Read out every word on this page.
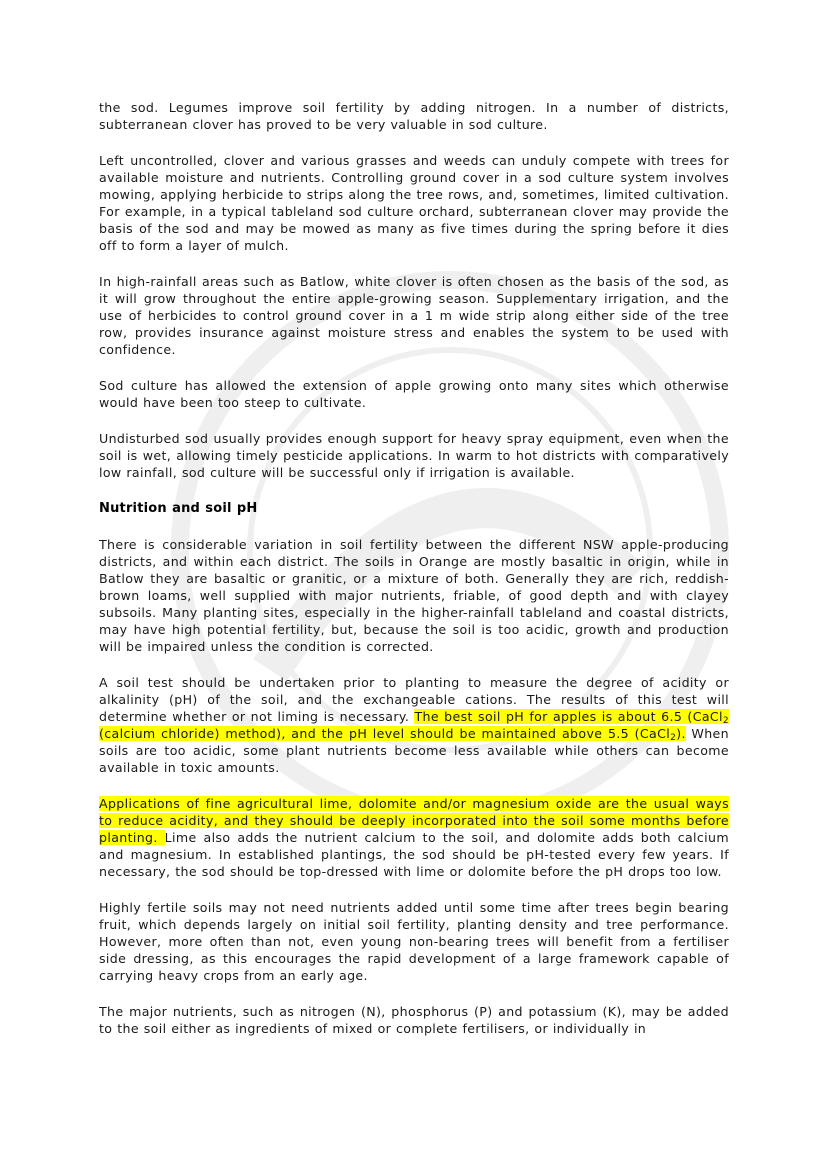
the sod. Legumes improve soil fertility by adding nitrogen. In a number of districts, subterranean clover has proved to be very valuable in sod culture.

Left uncontrolled, clover and various grasses and weeds can unduly compete with trees for available moisture and nutrients. Controlling ground cover in a sod culture system involves mowing, applying herbicide to strips along the tree rows, and, sometimes, limited cultivation. For example, in a typical tableland sod culture orchard, subterranean clover may provide the basis of the sod and may be mowed as many as five times during the spring before it dies off to form a layer of mulch.

In high-rainfall areas such as Batlow, white clover is often chosen as the basis of the sod, as it will grow throughout the entire apple-growing season. Supplementary irrigation, and the use of herbicides to control ground cover in a 1 m wide strip along either side of the tree row, provides insurance against moisture stress and enables the system to be used with confidence.

Sod culture has allowed the extension of apple growing onto many sites which otherwise would have been too steep to cultivate.

Undisturbed sod usually provides enough support for heavy spray equipment, even when the soil is wet, allowing timely pesticide applications. In warm to hot districts with comparatively low rainfall, sod culture will be successful only if irrigation is available.

Nutrition and soil pH

There is considerable variation in soil fertility between the different NSW apple-producing districts, and within each district. The soils in Orange are mostly basaltic in origin, while in Batlow they are basaltic or granitic, or a mixture of both. Generally they are rich, reddish-brown loams, well supplied with major nutrients, friable, of good depth and with clayey subsoils. Many planting sites, especially in the higher-rainfall tableland and coastal districts, may have high potential fertility, but, because the soil is too acidic, growth and production will be impaired unless the condition is corrected.

A soil test should be undertaken prior to planting to measure the degree of acidity or alkalinity (pH) of the soil, and the exchangeable cations. The results of this test will determine whether or not liming is necessary. The best soil pH for apples is about 6.5 (CaCl$_2$ (calcium chloride) method), and the pH level should be maintained above 5.5 (CaCl$_2$). When soils are too acidic, some plant nutrients become less available while others can become available in toxic amounts.

Applications of fine agricultural lime, dolomite and/or magnesium oxide are the usual ways to reduce acidity, and they should be deeply incorporated into the soil some months before planting. Lime also adds the nutrient calcium to the soil, and dolomite adds both calcium and magnesium. In established plantings, the sod should be pH-tested every few years. If necessary, the sod should be top-dressed with lime or dolomite before the pH drops too low.

Highly fertile soils may not need nutrients added until some time after trees begin bearing fruit, which depends largely on initial soil fertility, planting density and tree performance. However, more often than not, even young non-bearing trees will benefit from a fertiliser side dressing, as this encourages the rapid development of a large framework capable of carrying heavy crops from an early age.

The major nutrients, such as nitrogen (N), phosphorus (P) and potassium (K), may be added to the soil either as ingredients of mixed or complete fertilisers, or individually in
